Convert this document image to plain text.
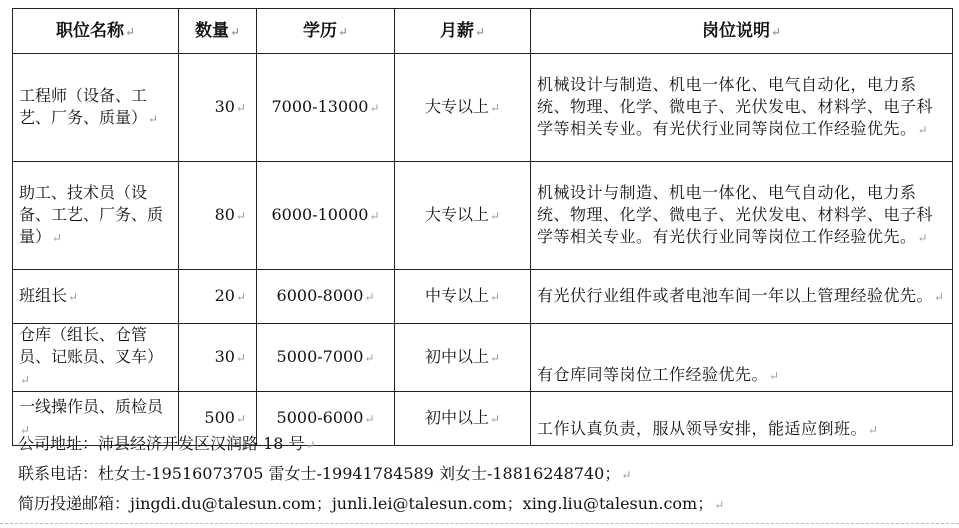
职位名称↵	数量↵	学历↵	月薪↵	岗位说明↵
工程师（设备、工艺、厂务、质量）↵	30↵	7000-13000↵	大专以上↵	机械设计与制造、机电一体化、电气自动化，电力系统、物理、化学、微电子、光伏发电、材料学、电子科学等相关专业。有光伏行业同等岗位工作经验优先。↵
助工、技术员（设备、工艺、厂务、质量）↵	80↵	6000-10000↵	大专以上↵	机械设计与制造、机电一体化、电气自动化，电力系统、物理、化学、微电子、光伏发电、材料学、电子科学等相关专业。有光伏行业同等岗位工作经验优先。↵
班组长↵	20↵	6000-8000↵	中专以上↵	有光伏行业组件或者电池车间一年以上管理经验优先。↵
仓库（组长、仓管员、记账员、叉车）↵	30↵	5000-7000↵	初中以上↵	有仓库同等岗位工作经验优先。↵
一线操作员、质检员↵	500↵	5000-6000↵	初中以上↵	工作认真负责，服从领导安排，能适应倒班。↵
公司地址：沛县经济开发区汉润路 18 号↵
联系电话：杜女士-19516073705 雷女士-19941784589 刘女士-18816248740；↵
简历投递邮箱：jingdi.du@talesun.com；junli.lei@talesun.com；xing.liu@talesun.com；↵
